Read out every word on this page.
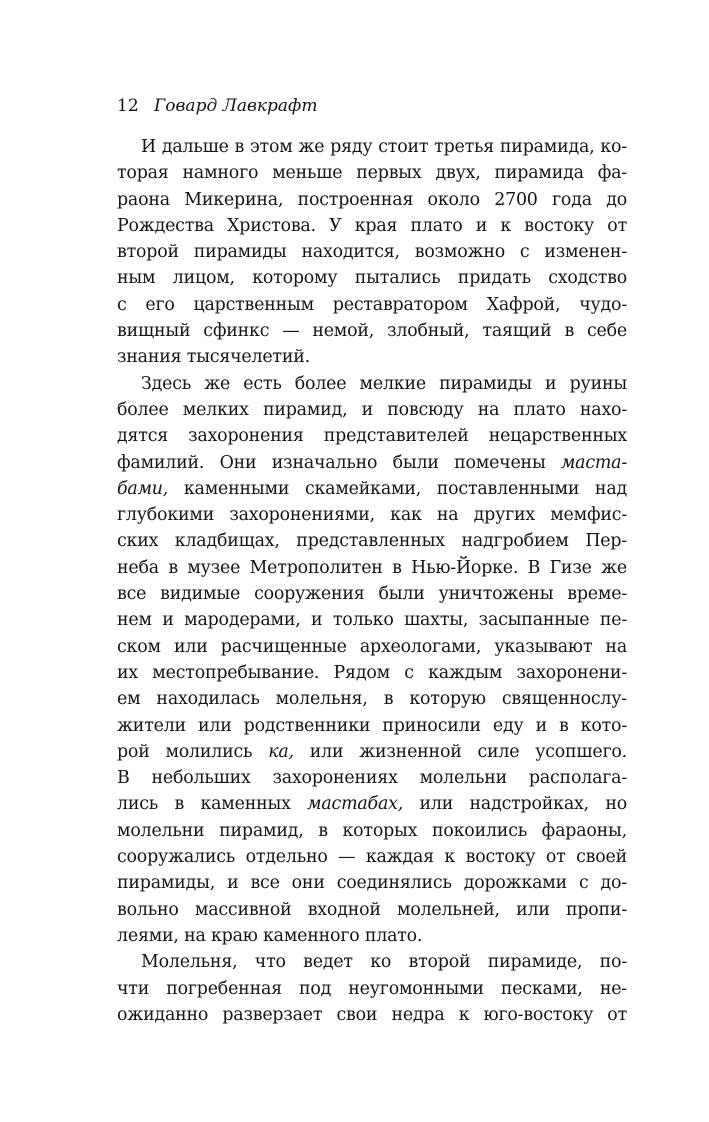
12 Говард Лавкрафт
И дальше в этом же ряду стоит третья пирамида, ко-
торая намного меньше первых двух, пирамида фа-
раона Микерина, построенная около 2700 года до
Рождества Христова. У края плато и к востоку от
второй пирамиды находится, возможно с изменен-
ным лицом, которому пытались придать сходство
с его царственным реставратором Хафрой, чудо-
вищный сфинкс — немой, злобный, таящий в себе
знания тысячелетий.
Здесь же есть более мелкие пирамиды и руины
более мелких пирамид, и повсюду на плато нахо-
дятся захоронения представителей нецарственных
фамилий. Они изначально были помечены маста-
бами, каменными скамейками, поставленными над
глубокими захоронениями, как на других мемфис-
ских кладбищах, представленных надгробием Пер-
неба в музее Метрополитен в Нью-Йорке. В Гизе же
все видимые сооружения были уничтожены време-
нем и мародерами, и только шахты, засыпанные пе-
ском или расчищенные археологами, указывают на
их местопребывание. Рядом с каждым захоронени-
ем находилась молельня, в которую священнослу-
жители или родственники приносили еду и в кото-
рой молились ка, или жизненной силе усопшего.
В небольших захоронениях молельни располага-
лись в каменных мастабах, или надстройках, но
молельни пирамид, в которых покоились фараоны,
сооружались отдельно — каждая к востоку от своей
пирамиды, и все они соединялись дорожками с до-
вольно массивной входной молельней, или пропи-
леями, на краю каменного плато.
Молельня, что ведет ко второй пирамиде, по-
чти погребенная под неугомонными песками, не-
ожиданно разверзает свои недра к юго-востоку от
